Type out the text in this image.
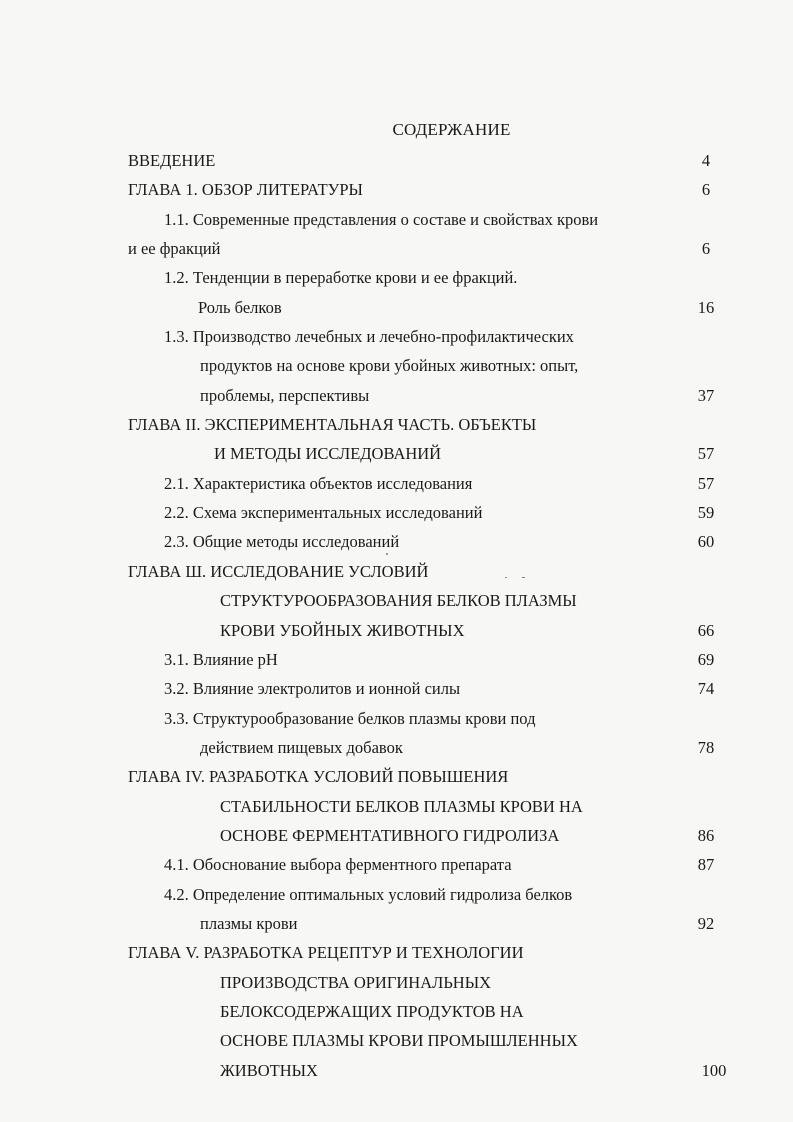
СОДЕРЖАНИЕ
ВВЕДЕНИЕ	4
ГЛАВА 1. ОБЗОР ЛИТЕРАТУРЫ	6
1.1. Современные представления о составе и свойствах крови
и ее фракций	6
1.2. Тенденции в переработке крови и ее фракций.
Роль белков	16
1.3. Производство лечебных и лечебно-профилактических
продуктов на основе крови убойных животных: опыт,
проблемы, перспективы	37
ГЛАВА II. ЭКСПЕРИМЕНТАЛЬНАЯ ЧАСТЬ. ОБЪЕКТЫ
И МЕТОДЫ ИССЛЕДОВАНИЙ	57
2.1. Характеристика объектов исследования	57
2.2. Схема экспериментальных исследований	59
2.3. Общие методы исследований	60
ГЛАВА Ш. ИССЛЕДОВАНИЕ УСЛОВИЙ
СТРУКТУРООБРАЗОВАНИЯ БЕЛКОВ ПЛАЗМЫ
КРОВИ УБОЙНЫХ ЖИВОТНЫХ	66
3.1. Влияние рН	69
3.2. Влияние электролитов и ионной силы	74
3.3. Структурообразование белков плазмы крови под
действием пищевых добавок	78
ГЛАВА IV. РАЗРАБОТКА УСЛОВИЙ ПОВЫШЕНИЯ
СТАБИЛЬНОСТИ БЕЛКОВ ПЛАЗМЫ КРОВИ НА
ОСНОВЕ ФЕРМЕНТАТИВНОГО ГИДРОЛИЗА	86
4.1. Обоснование выбора ферментного препарата	87
4.2. Определение оптимальных условий гидролиза белков
плазмы крови	92
ГЛАВА V. РАЗРАБОТКА РЕЦЕПТУР И ТЕХНОЛОГИИ
ПРОИЗВОДСТВА ОРИГИНАЛЬНЫХ
БЕЛОКСОДЕРЖАЩИХ ПРОДУКТОВ НА
ОСНОВЕ ПЛАЗМЫ КРОВИ ПРОМЫШЛЕННЫХ
ЖИВОТНЫХ	100
